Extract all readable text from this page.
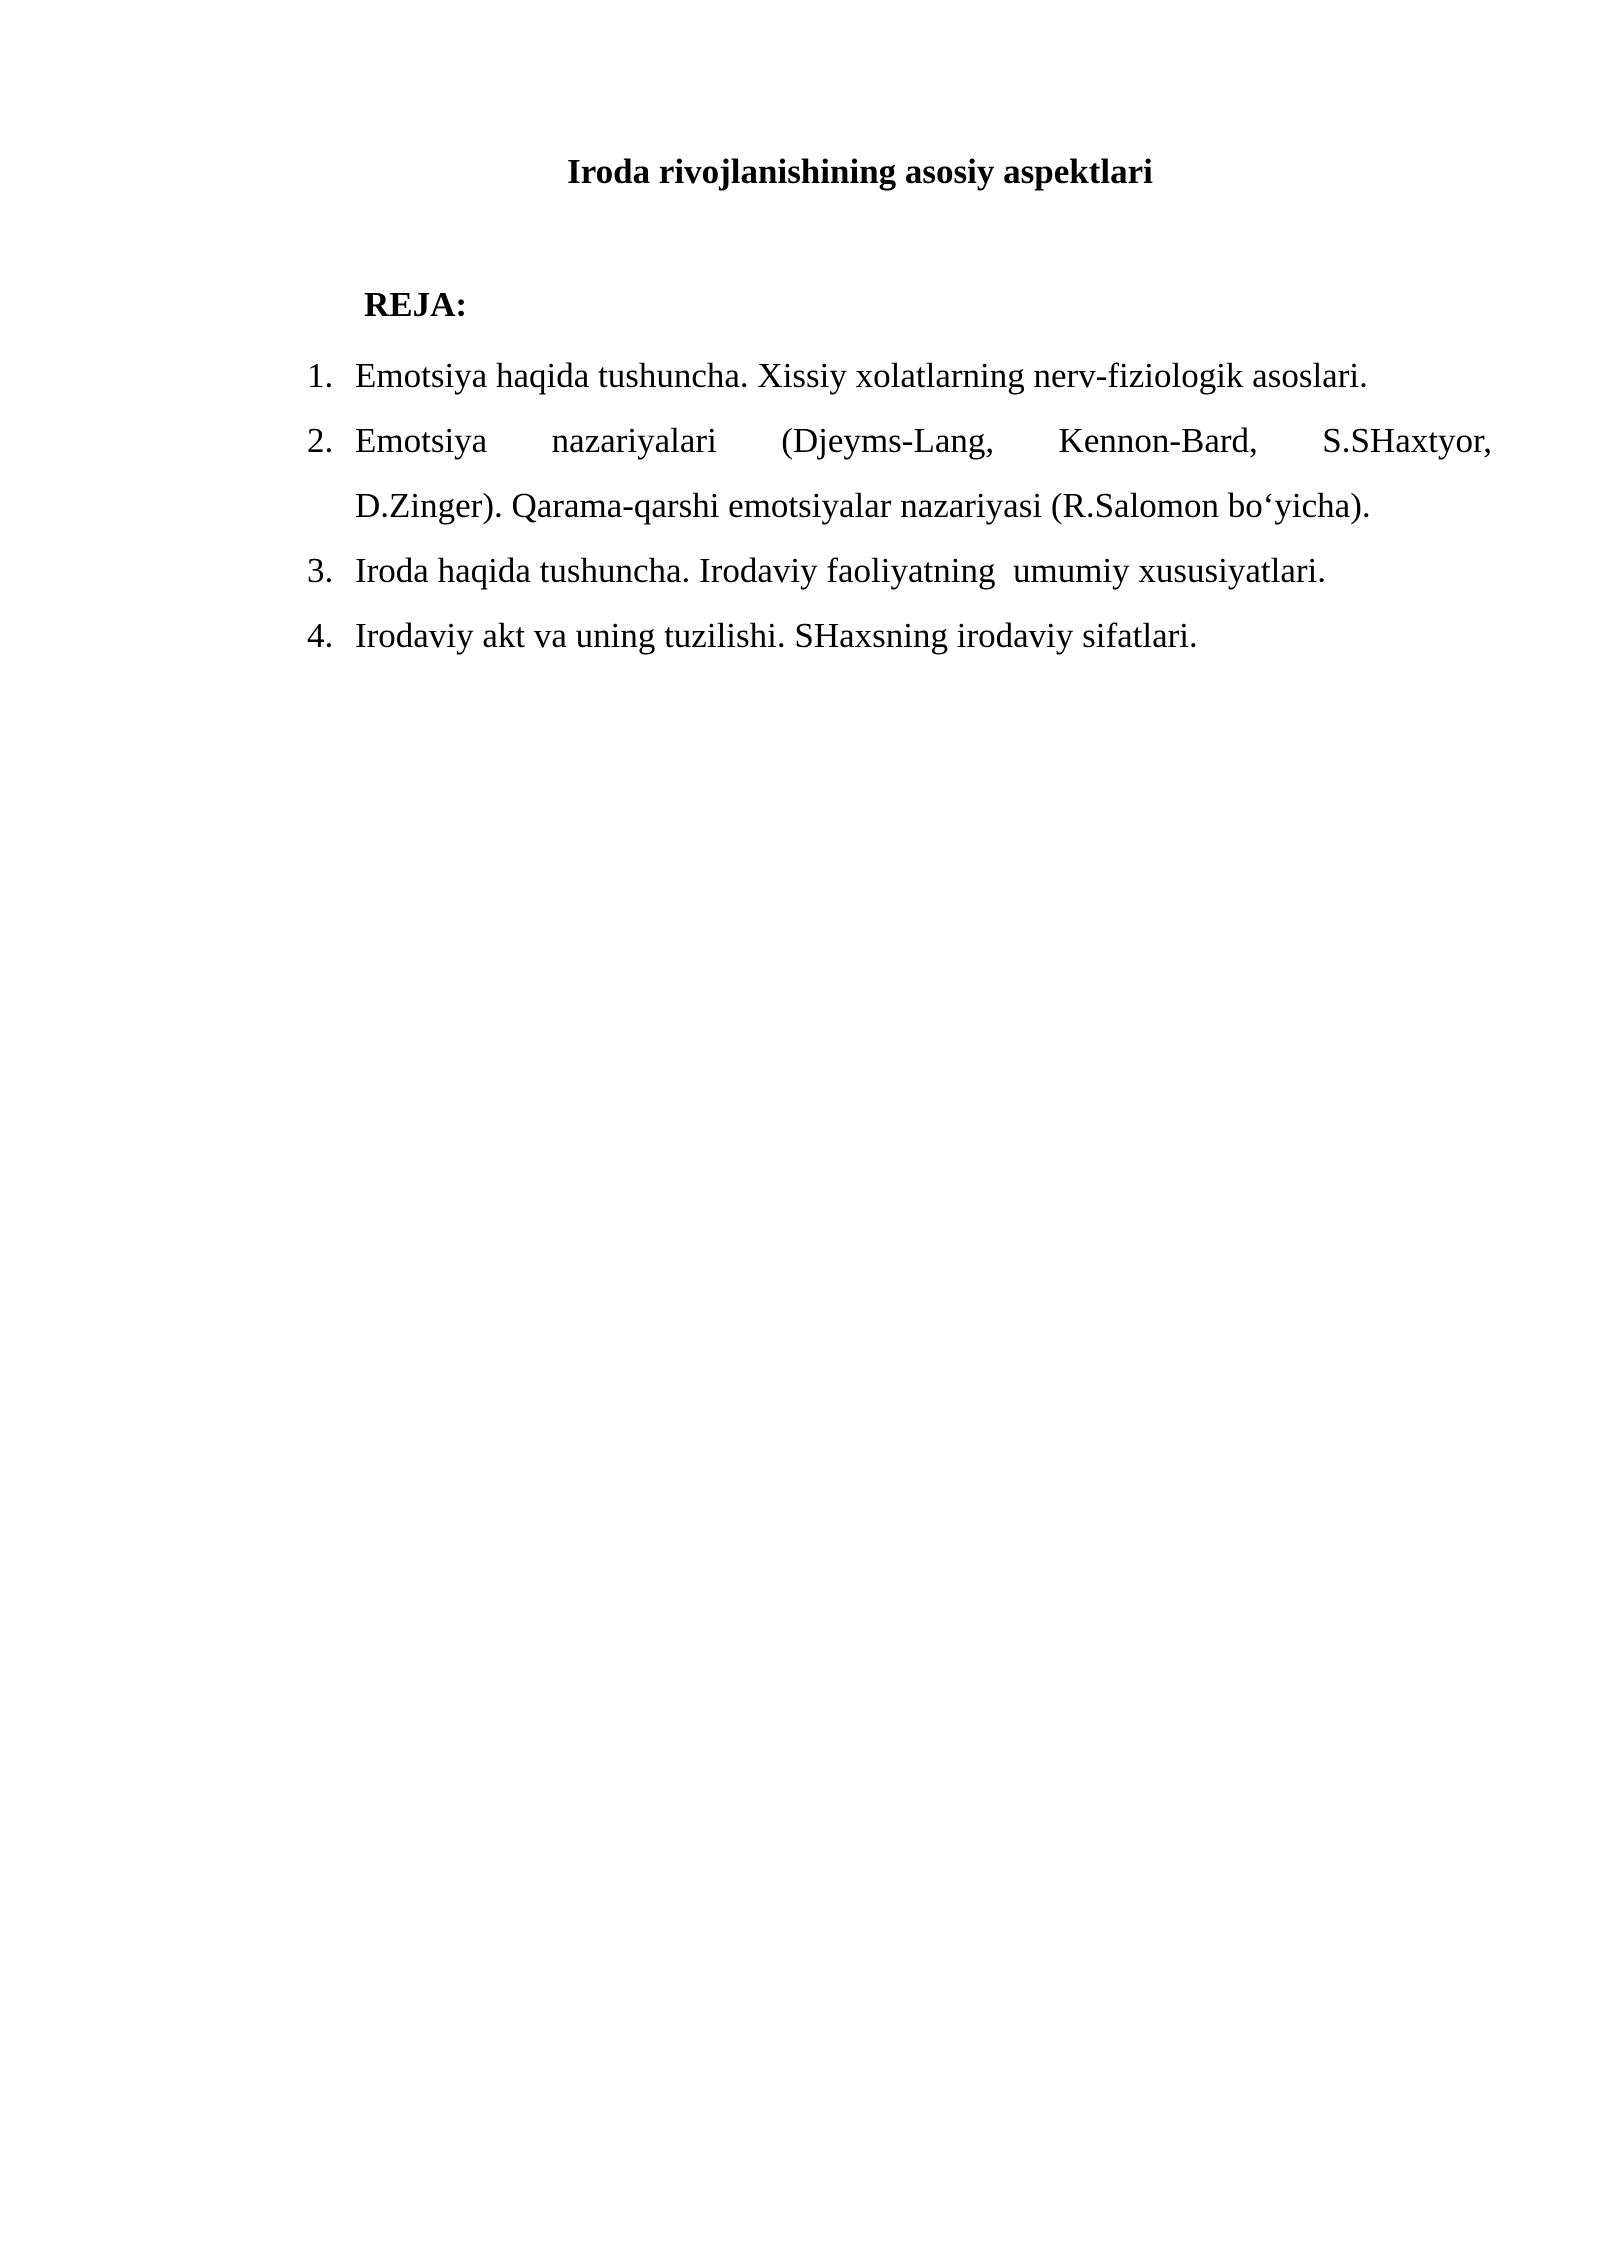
Iroda rivojlanishining asosiy aspektlari
REJA:
1. Emotsiya haqida tushuncha. Xissiy xolatlarning nerv-fiziologik asoslari.
2. Emotsiya nazariyalari (Djeyms-Lang, Kennon-Bard, S.SHaxtyor,
D.Zinger). Qarama-qarshi emotsiyalar nazariyasi (R.Salomon bo‘yicha).
3. Iroda haqida tushuncha. Irodaviy faoliyatning  umumiy xususiyatlari.
4. Irodaviy akt va uning tuzilishi. SHaxsning irodaviy sifatlari.
